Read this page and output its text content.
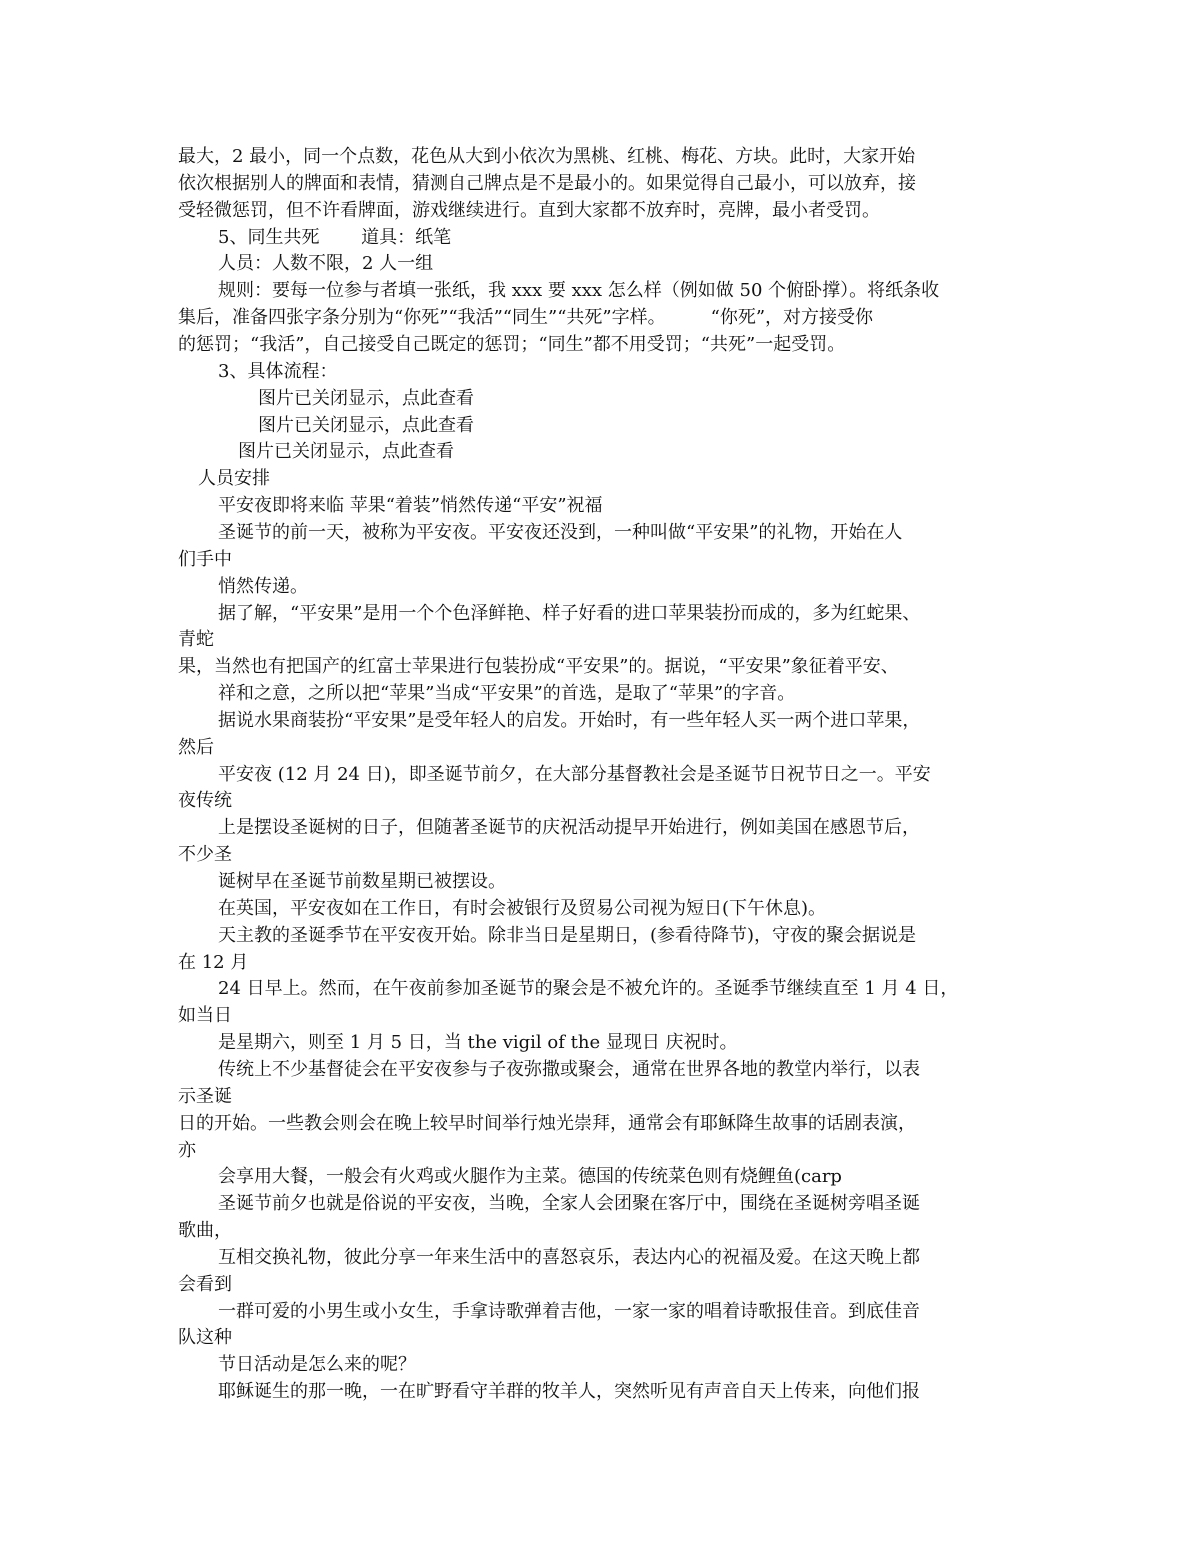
最大，2 最小，同一个点数，花色从大到小依次为黑桃、红桃、梅花、方块。此时，大家开始
依次根据别人的牌面和表情，猜测自己牌点是不是最小的。如果觉得自己最小，可以放弃，接
受轻微惩罚，但不许看牌面，游戏继续进行。直到大家都不放弃时，亮牌，最小者受罚。
5、同生共死　　 道具：纸笔
人员：人数不限，2 人一组
规则：要每一位参与者填一张纸，我 xxx 要 xxx 怎么样（例如做 50 个俯卧撑）。将纸条收
集后，准备四张字条分别为“你死”“我活”“同生”“共死”字样。　　　“你死”，对方接受你
的惩罚；“我活”，自己接受自己既定的惩罚；“同生”都不用受罚；“共死”一起受罚。
3、具体流程：
图片已关闭显示，点此查看
图片已关闭显示，点此查看
图片已关闭显示，点此查看
人员安排
平安夜即将来临 苹果“着装”悄然传递“平安”祝福
圣诞节的前一天，被称为平安夜。平安夜还没到，一种叫做“平安果”的礼物，开始在人
们手中
悄然传递。
据了解，“平安果”是用一个个色泽鲜艳、样子好看的进口苹果装扮而成的，多为红蛇果、
青蛇
果，当然也有把国产的红富士苹果进行包装扮成“平安果”的。据说，“平安果”象征着平安、
祥和之意，之所以把“苹果”当成“平安果”的首选，是取了“苹果”的字音。
据说水果商装扮“平安果”是受年轻人的启发。开始时，有一些年轻人买一两个进口苹果，
然后
平安夜 (12 月 24 日)，即圣诞节前夕，在大部分基督教社会是圣诞节日祝节日之一。平安
夜传统
上是摆设圣诞树的日子，但随著圣诞节的庆祝活动提早开始进行，例如美国在感恩节后，
不少圣
诞树早在圣诞节前数星期已被摆设。
在英国，平安夜如在工作日，有时会被银行及贸易公司视为短日(下午休息)。
天主教的圣诞季节在平安夜开始。除非当日是星期日，(参看待降节)，守夜的聚会据说是
在 12 月
24 日早上。然而，在午夜前参加圣诞节的聚会是不被允许的。圣诞季节继续直至 1 月 4 日，
如当日
是星期六，则至 1 月 5 日，当 the vigil of the 显现日 庆祝时。
传统上不少基督徒会在平安夜参与子夜弥撒或聚会，通常在世界各地的教堂内举行，以表
示圣诞
日的开始。一些教会则会在晚上较早时间举行烛光崇拜，通常会有耶稣降生故事的话剧表演，
亦
会享用大餐，一般会有火鸡或火腿作为主菜。德国的传统菜色则有烧鲤鱼(carp
圣诞节前夕也就是俗说的平安夜，当晚，全家人会团聚在客厅中，围绕在圣诞树旁唱圣诞
歌曲，
互相交换礼物，彼此分享一年来生活中的喜怒哀乐，表达内心的祝福及爱。在这天晚上都
会看到
一群可爱的小男生或小女生，手拿诗歌弹着吉他，一家一家的唱着诗歌报佳音。到底佳音
队这种
节日活动是怎么来的呢？
耶稣诞生的那一晚，一在旷野看守羊群的牧羊人，突然听见有声音自天上传来，向他们报
